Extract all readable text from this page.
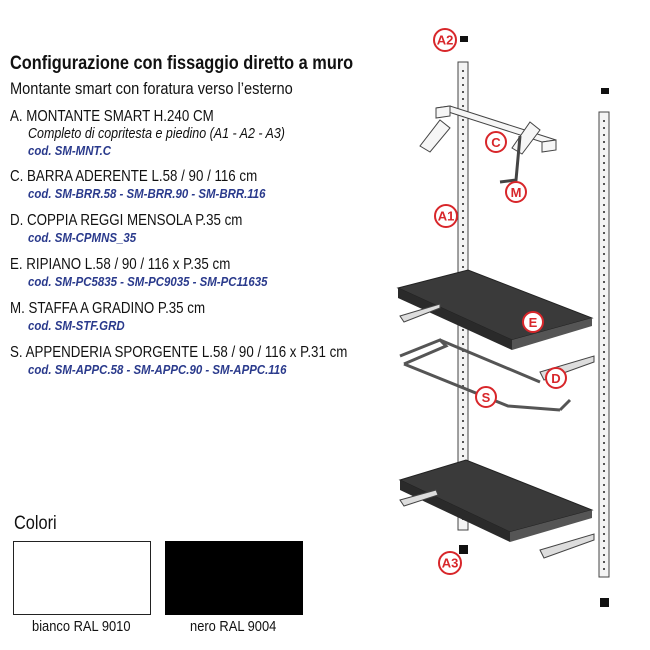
Configurazione con fissaggio diretto a muro
Montante smart con foratura verso l’esterno
A. MONTANTE SMART H.240 CM
Completo di copritesta e piedino (A1 - A2 - A3)
cod. SM-MNT.C
C. BARRA ADERENTE L.58 / 90 / 116 cm
cod. SM-BRR.58 - SM-BRR.90 - SM-BRR.116
D. COPPIA REGGI MENSOLA P.35 cm
cod. SM-CPMNS_35
E. RIPIANO L.58 / 90 / 116 x P.35 cm
cod. SM-PC5835 - SM-PC9035 - SM-PC11635
M. STAFFA A GRADINO P.35 cm
cod. SM-STF.GRD
S. APPENDERIA SPORGENTE L.58 / 90 / 116 x P.31 cm
cod. SM-APPC.58 - SM-APPC.90 - SM-APPC.116
Colori
bianco RAL 9010	nero RAL 9004
A2
C
M
A1
E
D
S
A3
